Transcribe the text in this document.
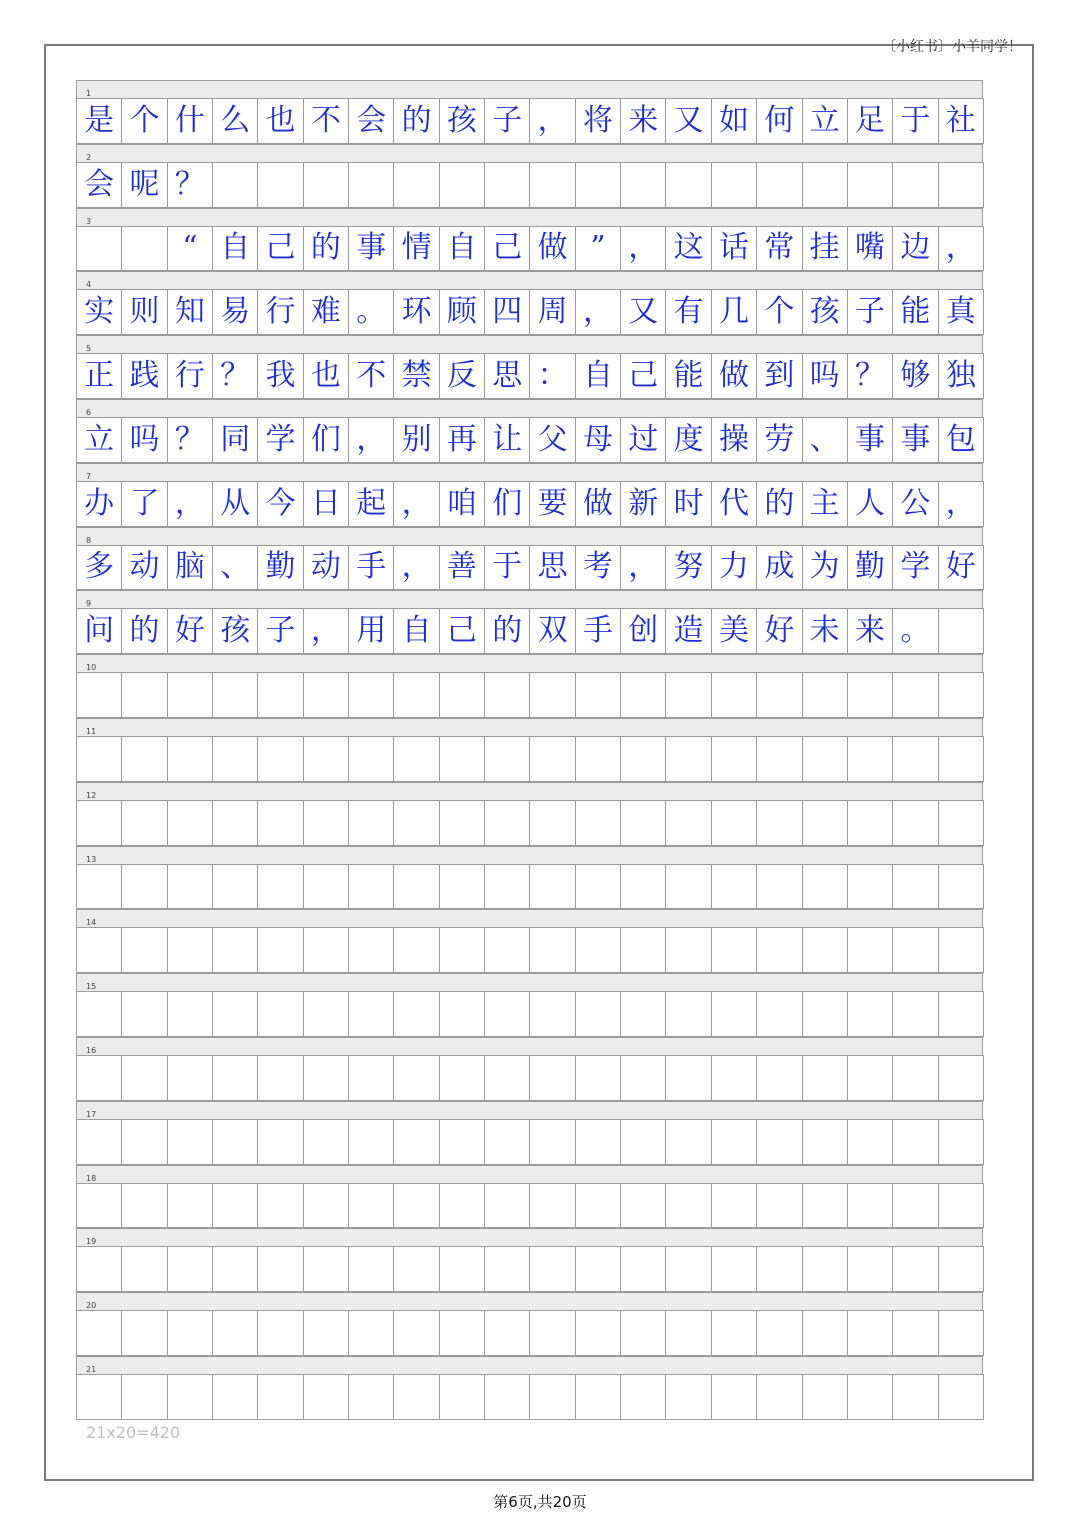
〔小红书〕小羊同学！
1
是 个 什 么 也 不 会 的 孩 子 ， 将 来 又 如 何 立 足 于 社
2
会 呢 ？
3
“ 自 己 的 事 情 自 己 做 ” ， 这 话 常 挂 嘴 边 ，
4
实 则 知 易 行 难 。 环 顾 四 周 ， 又 有 几 个 孩 子 能 真
5
正 践 行 ？ 我 也 不 禁 反 思 ： 自 己 能 做 到 吗 ？ 够 独
6
立 吗 ？ 同 学 们 ， 别 再 让 父 母 过 度 操 劳 、 事 事 包
7
办 了 ， 从 今 日 起 ， 咱 们 要 做 新 时 代 的 主 人 公 ，
8
多 动 脑 、 勤 动 手 ， 善 于 思 考 ， 努 力 成 为 勤 学 好
9
问 的 好 孩 子 ， 用 自 己 的 双 手 创 造 美 好 未 来 。
10
11
12
13
14
15
16
17
18
19
20
21
21x20=420
第6页,共20页
